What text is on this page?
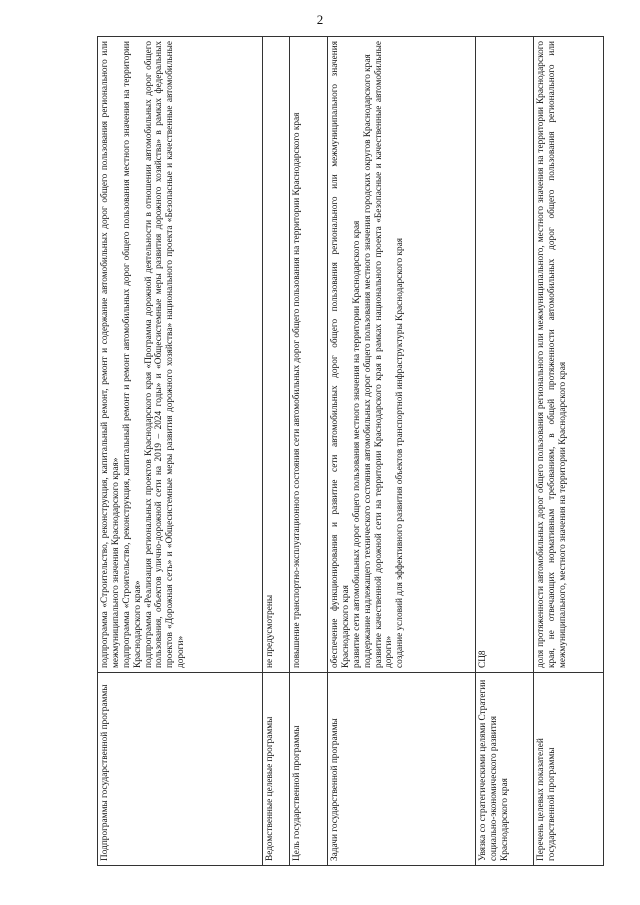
2
Подпрограммы государственной программы	подпрограмма «Строительство, реконструкция, капитальный ремонт, ремонт и содержание автомобильных дорог общего пользования регионального или межмуниципального значения Краснодарского края» подпрограмма «Строительство, реконструкция, капитальный ремонт и ремонт автомобильных дорог общего пользования местного значения на территории Краснодарского края» подпрограмма «Реализация региональных проектов Краснодарского края «Программа дорожной деятельности в отношении автомобильных дорог общего пользования, объектов улично-дорожной сети на 2019 – 2024 годы» и «Общесистемные меры развития дорожного хозяйства» в рамках федеральных проектов «Дорожная сеть» и «Общесистемные меры развития дорожного хозяйства» национального проекта «Безопасные и качественные автомобильные дороги»

Ведомственные целевые программы	не предусмотрены

Цель государственной программы	повышение транспортно-эксплуатационного состояния сети автомобильных дорог общего пользования на территории Краснодарского края

Задачи государственной программы	обеспечение функционирования и развитие сети автомобильных дорог общего пользования регионального или межмуниципального значения Краснодарского края развитие сети автомобильных дорог общего пользования местного значения на территории Краснодарского края поддержание надлежащего технического состояния автомобильных дорог общего пользования местного значения городских округов Краснодарского края развитие качественной дорожной сети на территории Краснодарского края в рамках национального проекта «Безопасные и качественные автомобильные дороги» создание условий для эффективного развития объектов транспортной инфраструктуры Краснодарского края

Увязка со стратегическими целями Стратегии социально-экономического развития Краснодарского края	СЦ8

Перечень целевых показателей государственной программы	доля протяженности автомобильных дорог общего пользования регионального или межмуниципального, местного значения на территории Краснодарского края, не отвечающих нормативным требованиям, в общей протяженности автомобильных дорог общего пользования регионального или межмуниципального, местного значения на территории Краснодарского края
